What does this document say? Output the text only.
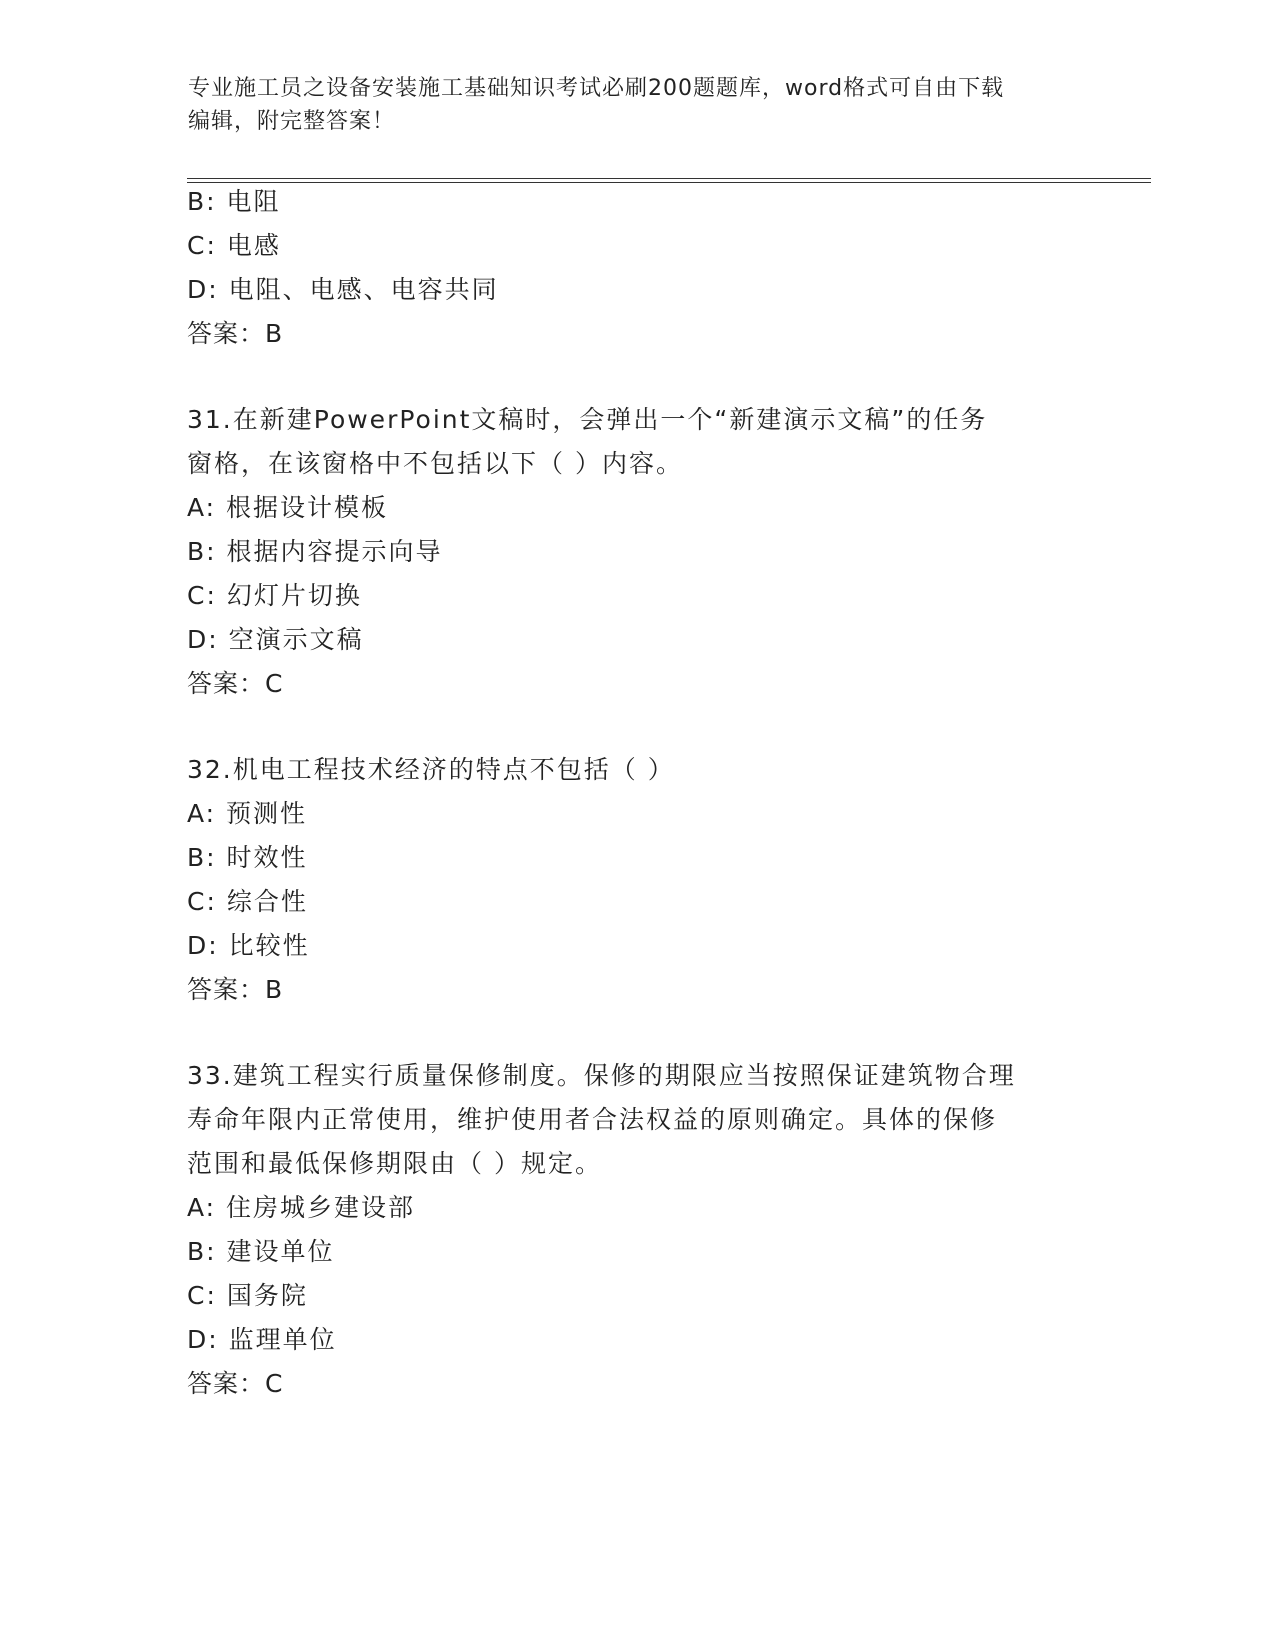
专业施工员之设备安装施工基础知识考试必刷200题题库，word格式可自由下载
编辑，附完整答案！
B: 电阻
C: 电感
D: 电阻、电感、电容共同
答案：B
31.在新建PowerPoint文稿时，会弹出一个“新建演示文稿”的任务
窗格，在该窗格中不包括以下（ ）内容。
A: 根据设计模板
B: 根据内容提示向导
C: 幻灯片切换
D: 空演示文稿
答案：C
32.机电工程技术经济的特点不包括（ ）
A: 预测性
B: 时效性
C: 综合性
D: 比较性
答案：B
33.建筑工程实行质量保修制度。保修的期限应当按照保证建筑物合理
寿命年限内正常使用，维护使用者合法权益的原则确定。具体的保修
范围和最低保修期限由（ ）规定。
A: 住房城乡建设部
B: 建设单位
C: 国务院
D: 监理单位
答案：C
